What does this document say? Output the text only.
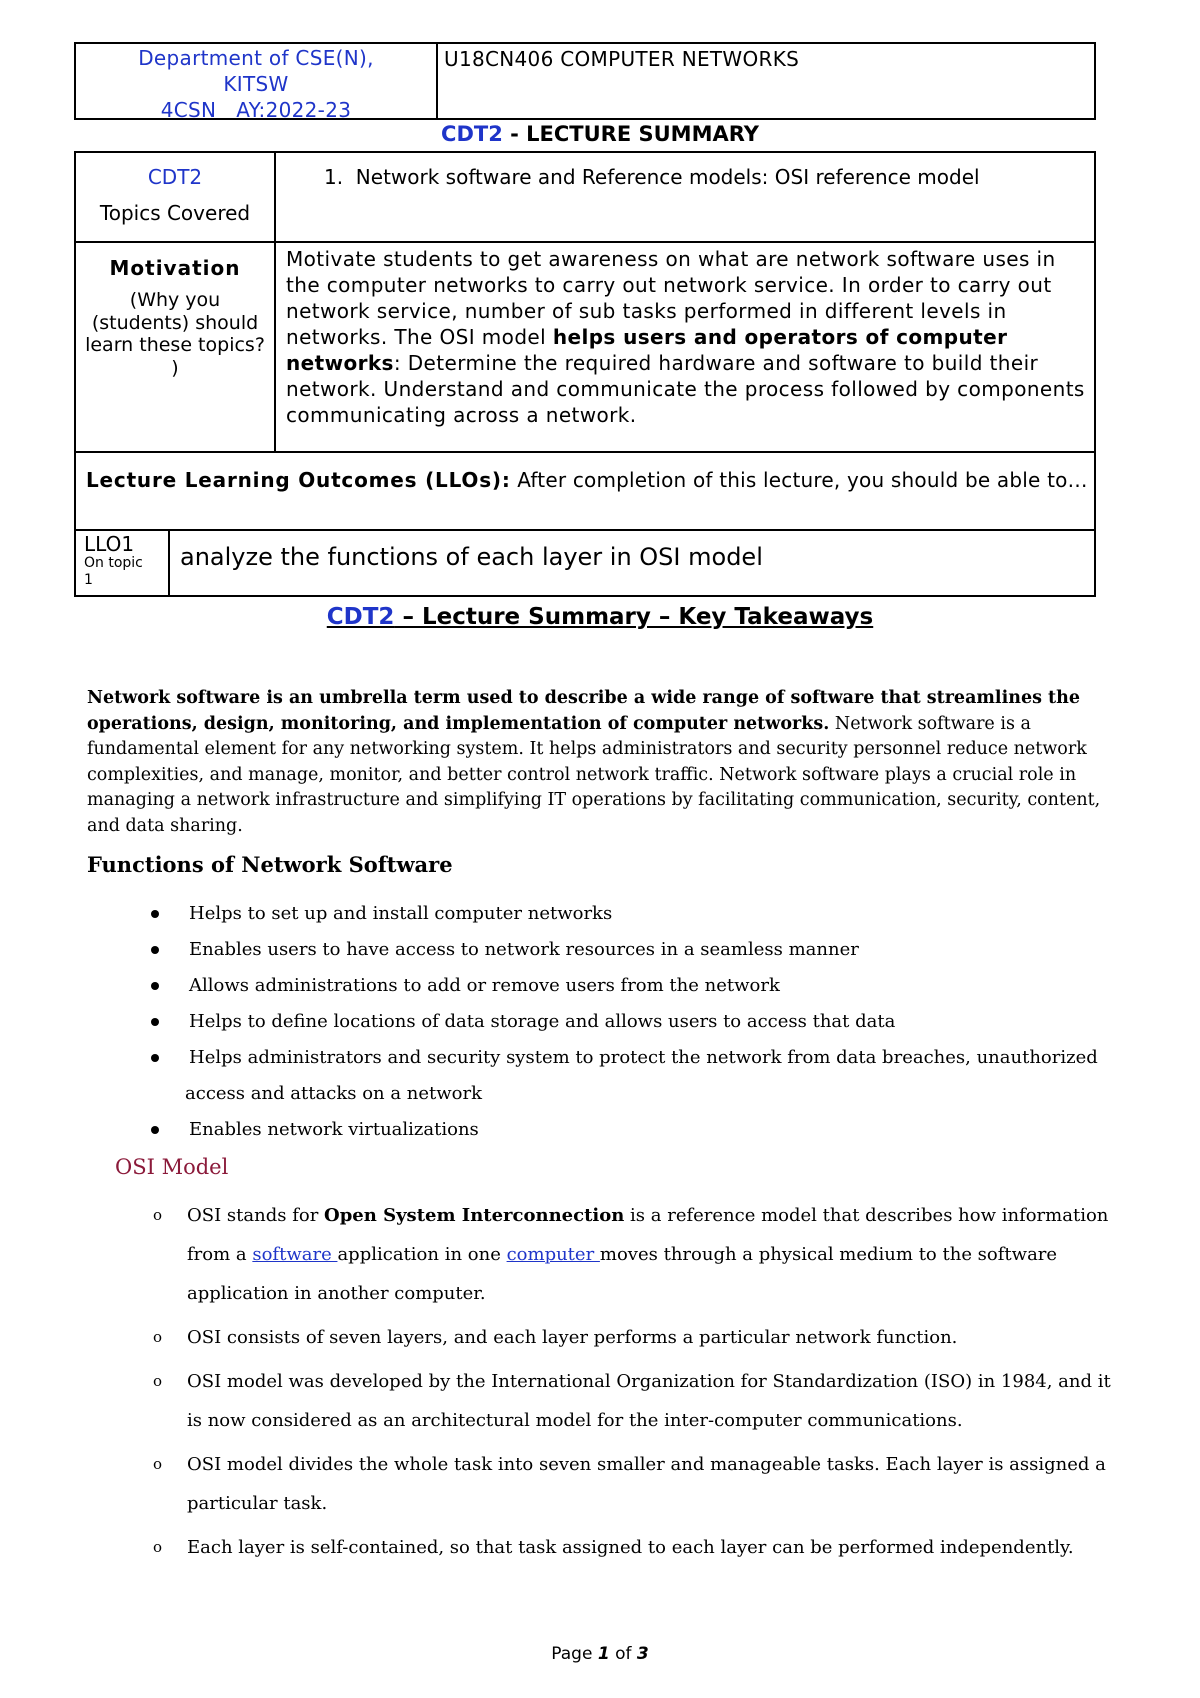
Department of CSE(N),
KITSW
4CSN   AY:2022-23
U18CN406 COMPUTER NETWORKS
CDT2 - LECTURE SUMMARY
CDT2
Topics Covered
1.  Network software and Reference models: OSI reference model
Motivation
(Why you (students) should learn these topics? )
Motivate students to get awareness on what are network software uses in the computer networks to carry out network service. In order to carry out network service, number of sub tasks performed in different levels in networks. The OSI model helps users and operators of computer networks: Determine the required hardware and software to build their network. Understand and communicate the process followed by components communicating across a network.
Lecture Learning Outcomes (LLOs): After completion of this lecture, you should be able to…
LLO1
On topic 1
analyze the functions of each layer in OSI model
CDT2 – Lecture Summary – Key Takeaways
Network software is an umbrella term used to describe a wide range of software that streamlines the operations, design, monitoring, and implementation of computer networks. Network software is a fundamental element for any networking system. It helps administrators and security personnel reduce network complexities, and manage, monitor, and better control network traffic. Network software plays a crucial role in managing a network infrastructure and simplifying IT operations by facilitating communication, security, content, and data sharing.
Functions of Network Software
Helps to set up and install computer networks
Enables users to have access to network resources in a seamless manner
Allows administrations to add or remove users from the network
Helps to define locations of data storage and allows users to access that data
Helps administrators and security system to protect the network from data breaches, unauthorized
access and attacks on a network
Enables network virtualizations
OSI Model
o OSI stands for Open System Interconnection is a reference model that describes how information from a software application in one computer moves through a physical medium to the software application in another computer.
o OSI consists of seven layers, and each layer performs a particular network function.
o OSI model was developed by the International Organization for Standardization (ISO) in 1984, and it is now considered as an architectural model for the inter-computer communications.
o OSI model divides the whole task into seven smaller and manageable tasks. Each layer is assigned a particular task.
o Each layer is self-contained, so that task assigned to each layer can be performed independently.
Page 1 of 3
